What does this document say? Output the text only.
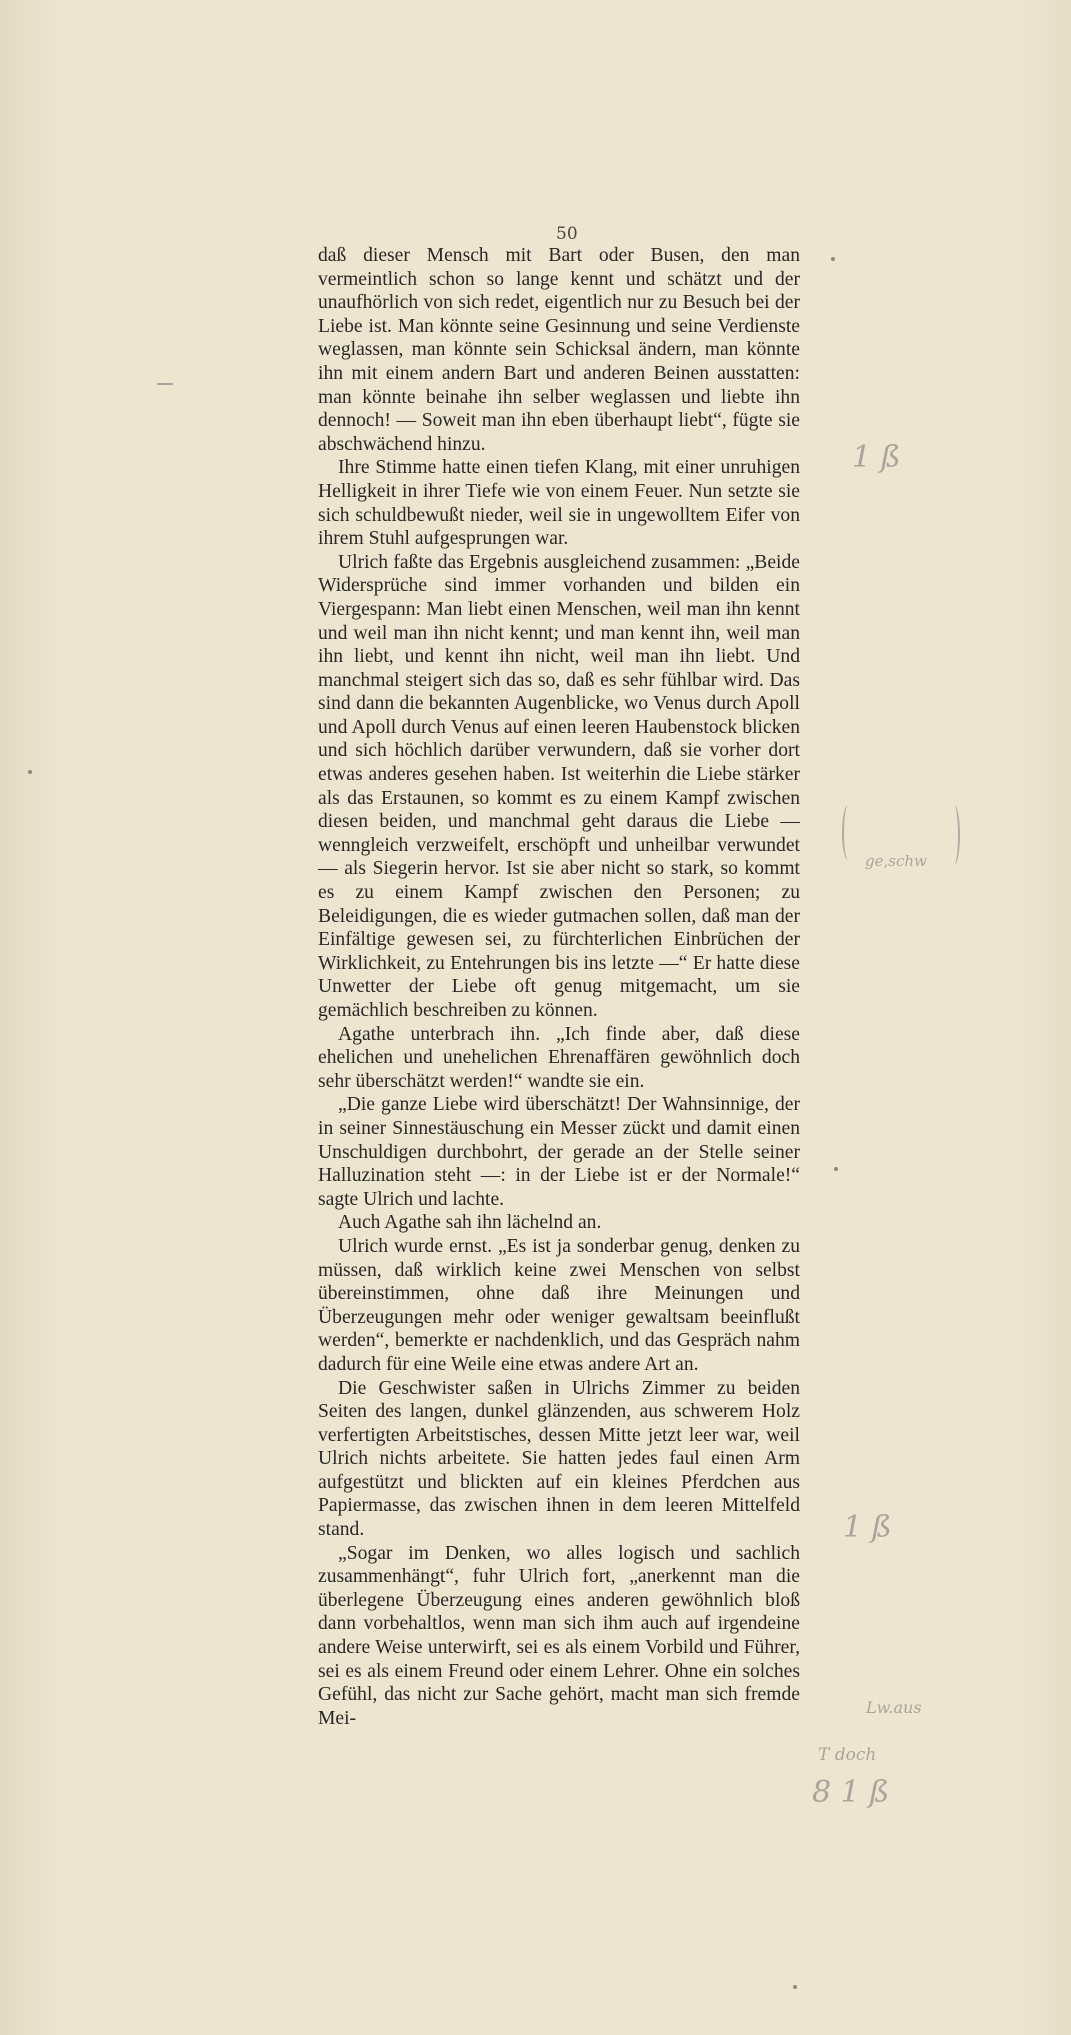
50

daß dieser Mensch mit Bart oder Busen, den man vermeintlich schon so lange kennt und schätzt und der unaufhörlich von sich redet, eigentlich nur zu Besuch bei der Liebe ist. Man könnte seine Gesinnung und seine Verdienste weglassen, man könnte sein Schicksal ändern, man könnte ihn mit einem andern Bart und anderen Beinen ausstatten: man könnte beinahe ihn selber weglassen und liebte ihn dennoch! — Soweit man ihn eben überhaupt liebt“, fügte sie abschwächend hinzu.

Ihre Stimme hatte einen tiefen Klang, mit einer unruhigen Helligkeit in ihrer Tiefe wie von einem Feuer. Nun setzte sie sich schuldbewußt nieder, weil sie in ungewolltem Eifer von ihrem Stuhl aufgesprungen war.

Ulrich faßte das Ergebnis ausgleichend zusammen: „Beide Widersprüche sind immer vorhanden und bilden ein Viergespann: Man liebt einen Menschen, weil man ihn kennt und weil man ihn nicht kennt; und man kennt ihn, weil man ihn liebt, und kennt ihn nicht, weil man ihn liebt. Und manchmal steigert sich das so, daß es sehr fühlbar wird. Das sind dann die bekannten Augenblicke, wo Venus durch Apoll und Apoll durch Venus auf einen leeren Haubenstock blicken und sich höchlich darüber verwundern, daß sie vorher dort etwas anderes gesehen haben. Ist weiterhin die Liebe stärker als das Erstaunen, so kommt es zu einem Kampf zwischen diesen beiden, und manchmal geht daraus die Liebe — wenngleich verzweifelt, erschöpft und unheilbar verwundet — als Siegerin hervor. Ist sie aber nicht so stark, so kommt es zu einem Kampf zwischen den Personen; zu Beleidigungen, die es wieder gutmachen sollen, daß man der Einfältige gewesen sei, zu fürchterlichen Einbrüchen der Wirklichkeit, zu Entehrungen bis ins letzte —“ Er hatte diese Unwetter der Liebe oft genug mitgemacht, um sie gemächlich beschreiben zu können.

Agathe unterbrach ihn. „Ich finde aber, daß diese ehelichen und unehelichen Ehrenaffären gewöhnlich doch sehr überschätzt werden!“ wandte sie ein.

„Die ganze Liebe wird überschätzt! Der Wahnsinnige, der in seiner Sinnestäuschung ein Messer zückt und damit einen Unschuldigen durchbohrt, der gerade an der Stelle seiner Halluzination steht —: in der Liebe ist er der Normale!“ sagte Ulrich und lachte.

Auch Agathe sah ihn lächelnd an.

Ulrich wurde ernst. „Es ist ja sonderbar genug, denken zu müssen, daß wirklich keine zwei Menschen von selbst übereinstimmen, ohne daß ihre Meinungen und Überzeugungen mehr oder weniger gewaltsam beeinflußt werden“, bemerkte er nachdenklich, und das Gespräch nahm dadurch für eine Weile eine etwas andere Art an.

Die Geschwister saßen in Ulrichs Zimmer zu beiden Seiten des langen, dunkel glänzenden, aus schwerem Holz verfertigten Arbeitstisches, dessen Mitte jetzt leer war, weil Ulrich nichts arbeitete. Sie hatten jedes faul einen Arm aufgestützt und blickten auf ein kleines Pferdchen aus Papiermasse, das zwischen ihnen in dem leeren Mittelfeld stand.

„Sogar im Denken, wo alles logisch und sachlich zusammenhängt“, fuhr Ulrich fort, „anerkennt man die überlegene Überzeugung eines anderen gewöhnlich bloß dann vorbehaltlos, wenn man sich ihm auch auf irgendeine andere Weise unterwirft, sei es als einem Vorbild und Führer, sei es als einem Freund oder einem Lehrer. Ohne ein solches Gefühl, das nicht zur Sache gehört, macht man sich fremde Mei-

1 ß
ge,schw
1 ß
Lw.aus
T doch
8 1 ß
